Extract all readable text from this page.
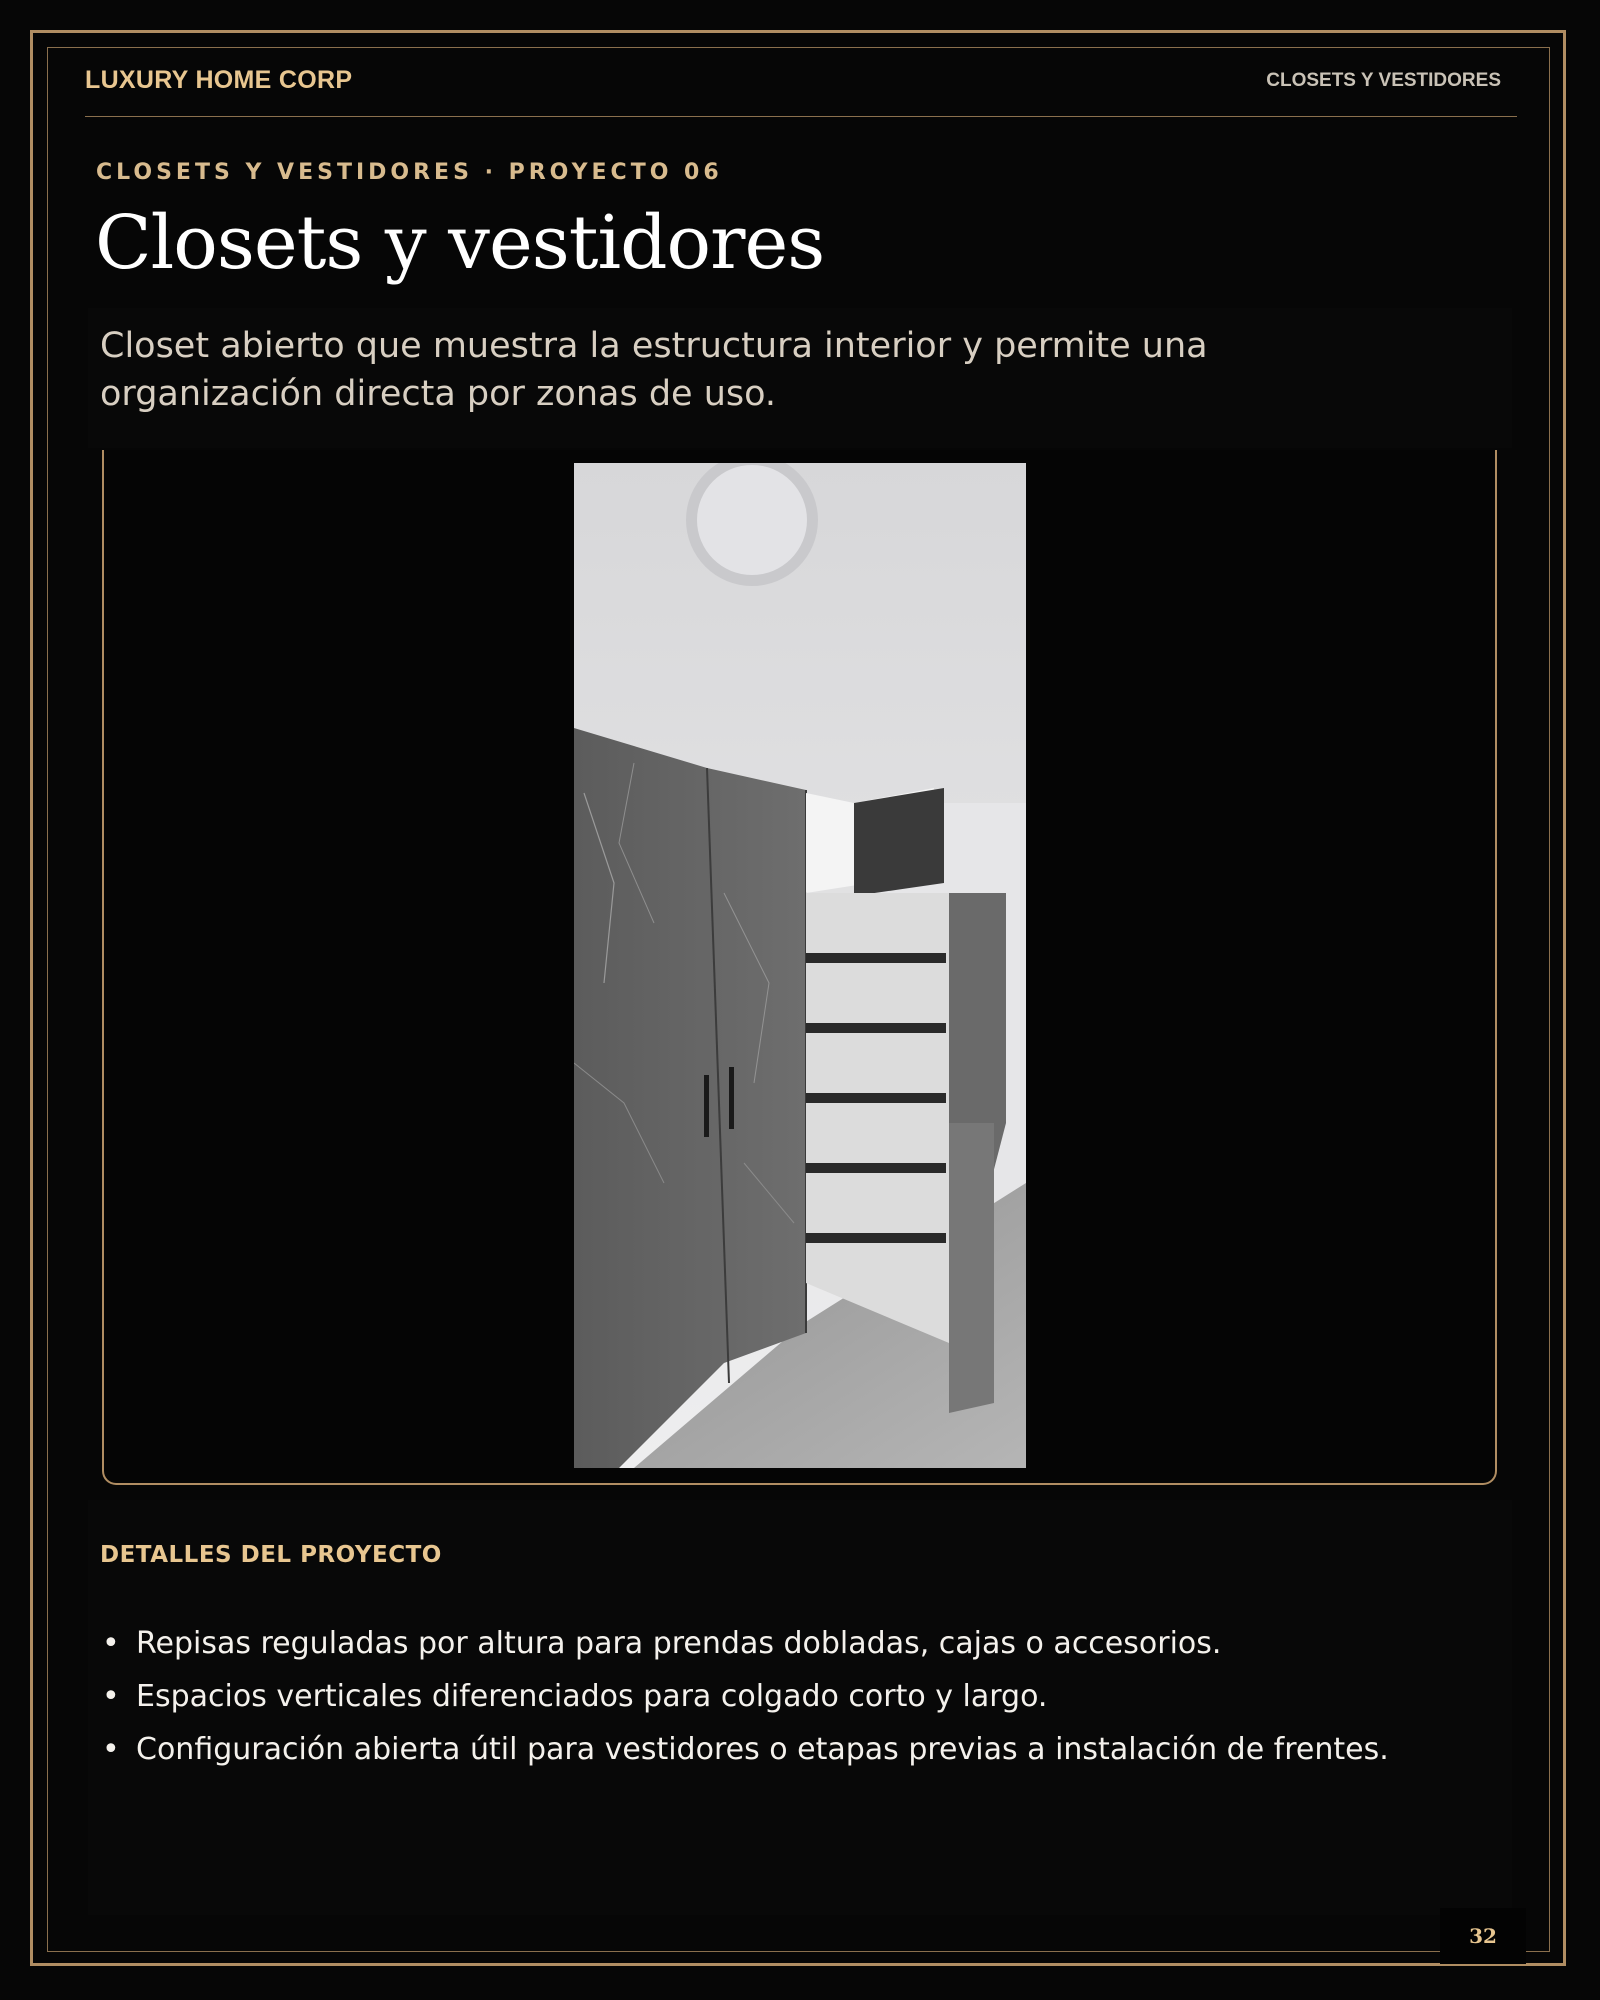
LUXURY HOME CORP	CLOSETS Y VESTIDORES
CLOSETS Y VESTIDORES · PROYECTO 06
Closets y vestidores
Closet abierto que muestra la estructura interior y permite una organización directa por zonas de uso.
DETALLES DEL PROYECTO
• Repisas reguladas por altura para prendas dobladas, cajas o accesorios.
• Espacios verticales diferenciados para colgado corto y largo.
• Configuración abierta útil para vestidores o etapas previas a instalación de frentes.
32
